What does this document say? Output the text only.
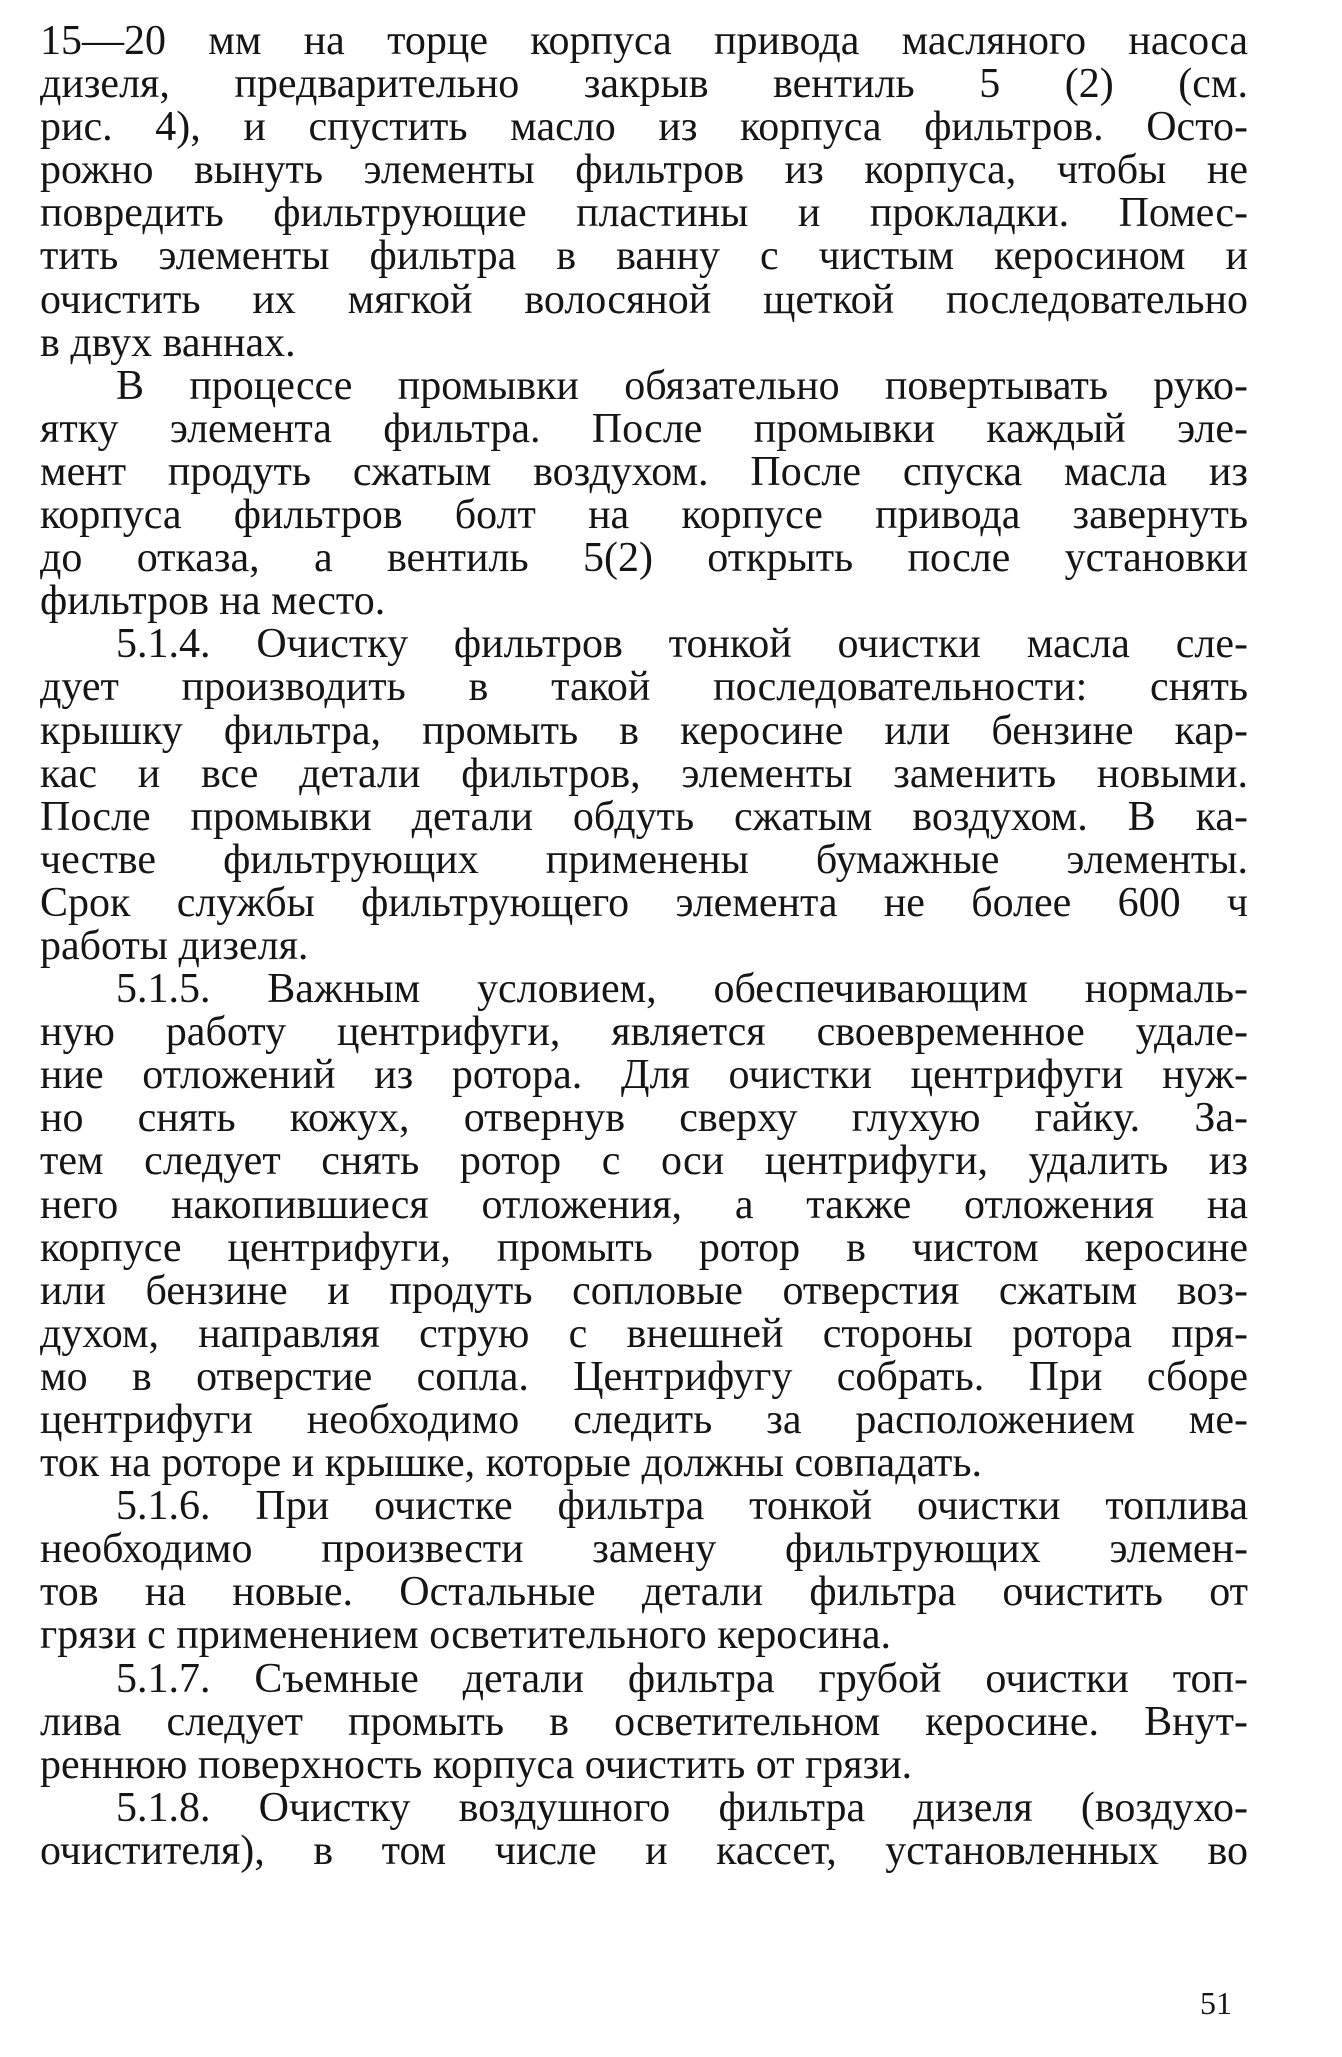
15—20 мм на торце корпуса привода масляного насоса
дизеля, предварительно закрыв вентиль 5 (2) (см.
рис. 4), и спустить масло из корпуса фильтров. Осто-
рожно вынуть элементы фильтров из корпуса, чтобы не
повредить фильтрующие пластины и прокладки. Помес-
тить элементы фильтра в ванну с чистым керосином и
очистить их мягкой волосяной щеткой последовательно
в двух ваннах.
В процессе промывки обязательно повертывать руко-
ятку элемента фильтра. После промывки каждый эле-
мент продуть сжатым воздухом. После спуска масла из
корпуса фильтров болт на корпусе привода завернуть
до отказа, а вентиль 5(2) открыть после установки
фильтров на место.
5.1.4. Очистку фильтров тонкой очистки масла сле-
дует производить в такой последовательности: снять
крышку фильтра, промыть в керосине или бензине кар-
кас и все детали фильтров, элементы заменить новыми.
После промывки детали обдуть сжатым воздухом. В ка-
честве фильтрующих применены бумажные элементы.
Срок службы фильтрующего элемента не более 600 ч
работы дизеля.
5.1.5. Важным условием, обеспечивающим нормаль-
ную работу центрифуги, является своевременное удале-
ние отложений из ротора. Для очистки центрифуги нуж-
но снять кожух, отвернув сверху глухую гайку. За-
тем следует снять ротор с оси центрифуги, удалить из
него накопившиеся отложения, а также отложения на
корпусе центрифуги, промыть ротор в чистом керосине
или бензине и продуть сопловые отверстия сжатым воз-
духом, направляя струю с внешней стороны ротора пря-
мо в отверстие сопла. Центрифугу собрать. При сборе
центрифуги необходимо следить за расположением ме-
ток на роторе и крышке, которые должны совпадать.
5.1.6. При очистке фильтра тонкой очистки топлива
необходимо произвести замену фильтрующих элемен-
тов на новые. Остальные детали фильтра очистить от
грязи с применением осветительного керосина.
5.1.7. Съемные детали фильтра грубой очистки топ-
лива следует промыть в осветительном керосине. Внут-
реннюю поверхность корпуса очистить от грязи.
5.1.8. Очистку воздушного фильтра дизеля (воздухо-
очистителя), в том числе и кассет, установленных во
51
